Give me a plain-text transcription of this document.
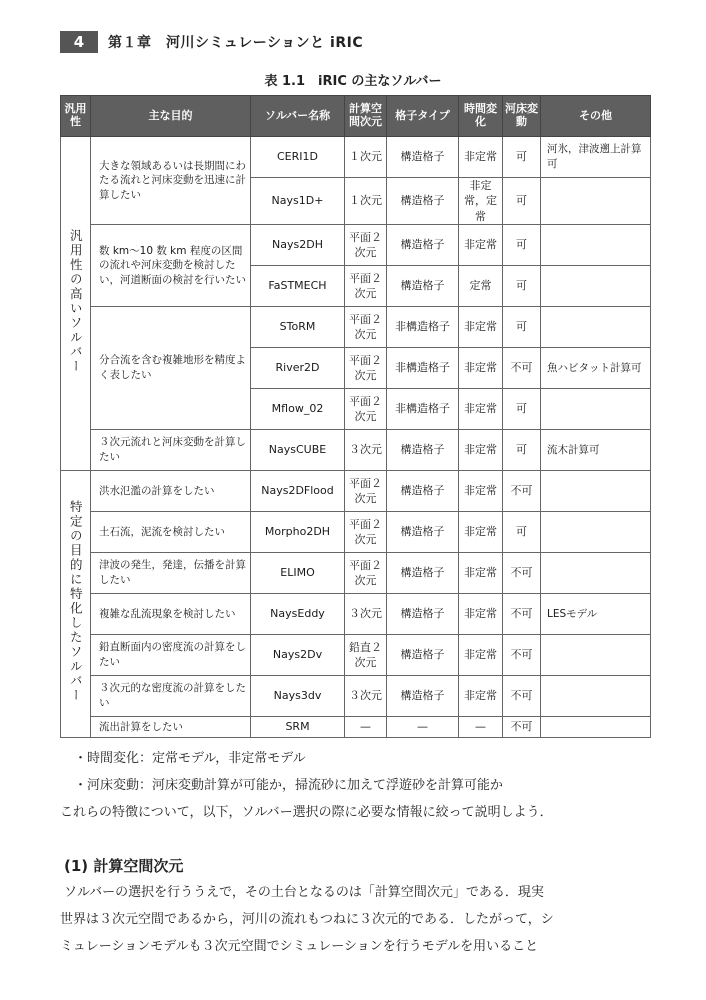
4	第１章　河川シミュレーションと iRIC
表 1.1　iRIC の主なソルバー
汎用性	主な目的	ソルバー名称	計算空間次元	格子タイプ	時間変化	河床変動	その他
汎用性の高いソルバー	大きな領域あるいは長期間にわたる流れと河床変動を迅速に計算したい	CERI1D	１次元	構造格子	非定常	可	河氷，津波遡上計算可
		Nays1D+	１次元	構造格子	非定常，定常	可	
	数 km～10 数 km 程度の区間の流れや河床変動を検討したい，河道断面の検討を行いたい	Nays2DH	平面２次元	構造格子	非定常	可	
		FaSTMECH	平面２次元	構造格子	定常	可	
	分合流を含む複雑地形を精度よく表したい	SToRM	平面２次元	非構造格子	非定常	可	
		River2D	平面２次元	非構造格子	非定常	不可	魚ハビタット計算可
		Mflow_02	平面２次元	非構造格子	非定常	可	
	３次元流れと河床変動を計算したい	NaysCUBE	３次元	構造格子	非定常	可	流木計算可
特定の目的に特化したソルバー	洪水氾濫の計算をしたい	Nays2DFlood	平面２次元	構造格子	非定常	不可	
	土石流，泥流を検討したい	Morpho2DH	平面２次元	構造格子	非定常	可	
	津波の発生，発達，伝播を計算したい	ELIMO	平面２次元	構造格子	非定常	不可	
	複雑な乱流現象を検討したい	NaysEddy	３次元	構造格子	非定常	不可	LESモデル
	鉛直断面内の密度流の計算をしたい	Nays2Dv	鉛直２次元	構造格子	非定常	不可	
	３次元的な密度流の計算をしたい	Nays3dv	３次元	構造格子	非定常	不可	
	流出計算をしたい	SRM	—	—	—	不可	
・時間変化：定常モデル，非定常モデル
・河床変動：河床変動計算が可能か，掃流砂に加えて浮遊砂を計算可能か
これらの特徴について，以下，ソルバー選択の際に必要な情報に絞って説明しよう．
(1) 計算空間次元
ソルバーの選択を行ううえで，その土台となるのは「計算空間次元」である．現実
世界は３次元空間であるから，河川の流れもつねに３次元的である．したがって，シ
ミュレーションモデルも３次元空間でシミュレーションを行うモデルを用いること
